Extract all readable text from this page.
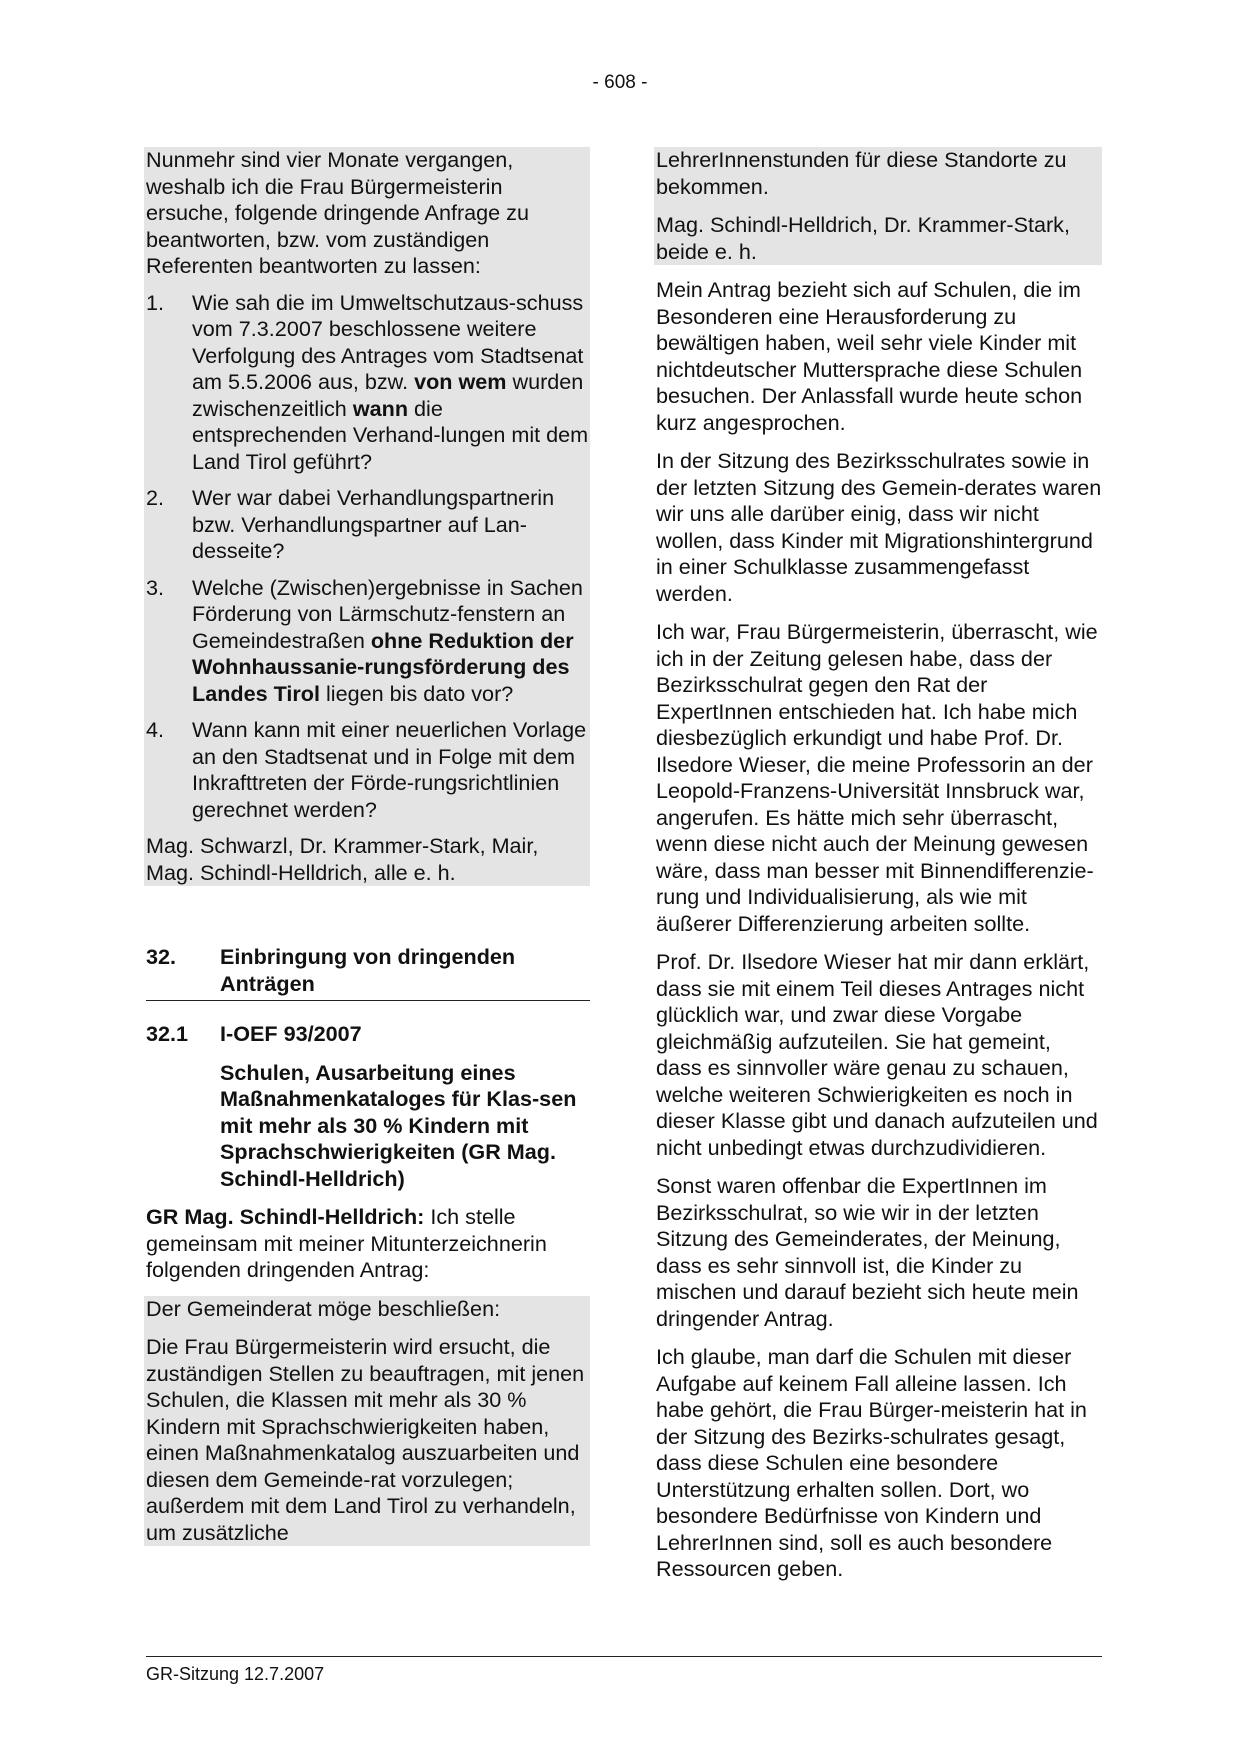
- 608 -

Nunmehr sind vier Monate vergangen, weshalb ich die Frau Bürgermeisterin ersuche, folgende dringende Anfrage zu beantworten, bzw. vom zuständigen Referenten beantworten zu lassen:

1.	Wie sah die im Umweltschutzaus-schuss vom 7.3.2007 beschlossene weitere Verfolgung des Antrages vom Stadtsenat am 5.5.2006 aus, bzw. von wem wurden zwischenzeitlich wann die entsprechenden Verhand-lungen mit dem Land Tirol geführt?
2.	Wer war dabei Verhandlungspartnerin bzw. Verhandlungspartner auf Lan-desseite?
3.	Welche (Zwischen)ergebnisse in Sachen Förderung von Lärmschutz-fenstern an Gemeindestraßen ohne Reduktion der Wohnhaussanie-rungsförderung des Landes Tirol liegen bis dato vor?
4.	Wann kann mit einer neuerlichen Vorlage an den Stadtsenat und in Folge mit dem Inkrafttreten der Förde-rungsrichtlinien gerechnet werden?

Mag. Schwarzl, Dr. Krammer-Stark, Mair, Mag. Schindl-Helldrich, alle e. h.

32.	Einbringung von dringenden Anträgen
32.1	I-OEF 93/2007
Schulen, Ausarbeitung eines Maßnahmenkataloges für Klas-sen mit mehr als 30 % Kindern mit Sprachschwierigkeiten (GR Mag. Schindl-Helldrich)

GR Mag. Schindl-Helldrich: Ich stelle gemeinsam mit meiner Mitunterzeichnerin folgenden dringenden Antrag:

Der Gemeinderat möge beschließen:

Die Frau Bürgermeisterin wird ersucht, die zuständigen Stellen zu beauftragen, mit jenen Schulen, die Klassen mit mehr als 30 % Kindern mit Sprachschwierigkeiten haben, einen Maßnahmenkatalog auszuarbeiten und diesen dem Gemeinde-rat vorzulegen; außerdem mit dem Land Tirol zu verhandeln, um zusätzliche

LehrerInnenstunden für diese Standorte zu bekommen.

Mag. Schindl-Helldrich, Dr. Krammer-Stark, beide e. h.

Mein Antrag bezieht sich auf Schulen, die im Besonderen eine Herausforderung zu bewältigen haben, weil sehr viele Kinder mit nichtdeutscher Muttersprache diese Schulen besuchen. Der Anlassfall wurde heute schon kurz angesprochen.

In der Sitzung des Bezirksschulrates sowie in der letzten Sitzung des Gemein-derates waren wir uns alle darüber einig, dass wir nicht wollen, dass Kinder mit Migrationshintergrund in einer Schulklasse zusammengefasst werden.

Ich war, Frau Bürgermeisterin, überrascht, wie ich in der Zeitung gelesen habe, dass der Bezirksschulrat gegen den Rat der ExpertInnen entschieden hat. Ich habe mich diesbezüglich erkundigt und habe Prof. Dr. Ilsedore Wieser, die meine Professorin an der Leopold-Franzens-Universität Innsbruck war, angerufen. Es hätte mich sehr überrascht, wenn diese nicht auch der Meinung gewesen wäre, dass man besser mit Binnendifferenzie-rung und Individualisierung, als wie mit äußerer Differenzierung arbeiten sollte.

Prof. Dr. Ilsedore Wieser hat mir dann erklärt, dass sie mit einem Teil dieses Antrages nicht glücklich war, und zwar diese Vorgabe gleichmäßig aufzuteilen. Sie hat gemeint, dass es sinnvoller wäre genau zu schauen, welche weiteren Schwierigkeiten es noch in dieser Klasse gibt und danach aufzuteilen und nicht unbedingt etwas durchzudividieren.

Sonst waren offenbar die ExpertInnen im Bezirksschulrat, so wie wir in der letzten Sitzung des Gemeinderates, der Meinung, dass es sehr sinnvoll ist, die Kinder zu mischen und darauf bezieht sich heute mein dringender Antrag.

Ich glaube, man darf die Schulen mit dieser Aufgabe auf keinem Fall alleine lassen. Ich habe gehört, die Frau Bürger-meisterin hat in der Sitzung des Bezirks-schulrates gesagt, dass diese Schulen eine besondere Unterstützung erhalten sollen. Dort, wo besondere Bedürfnisse von Kindern und LehrerInnen sind, soll es auch besondere Ressourcen geben.

GR-Sitzung 12.7.2007
